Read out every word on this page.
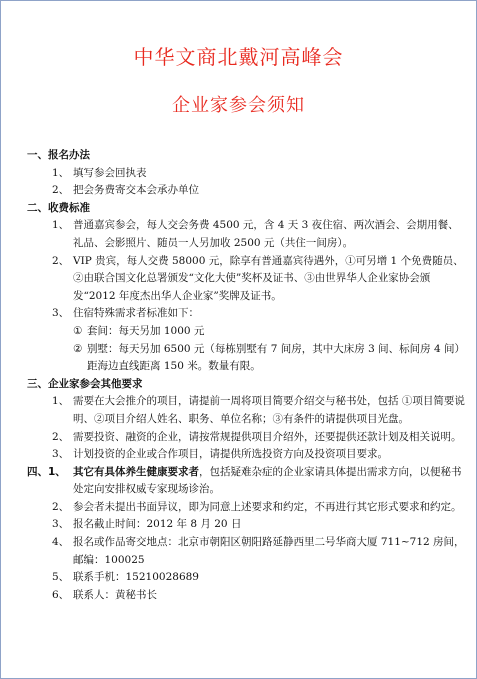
中华文商北戴河高峰会
企业家参会须知
一、报名办法
1、 填写参会回执表
2、 把会务费寄交本会承办单位
二、收费标准
1、 普通嘉宾参会，每人交会务费 4500 元，含 4 天 3 夜住宿、两次酒会、会期用餐、礼品、会影照片、随员一人另加收 2500 元（共住一间房）。
2、 VIP 贵宾，每人交费 58000 元，除享有普通嘉宾待遇外，①可另增 1 个免费随员、②由联合国文化总署颁发“文化大使”奖杯及证书、③由世界华人企业家协会颁发“2012 年度杰出华人企业家”奖牌及证书。
3、 住宿特殊需求者标准如下：
① 套间：每天另加 1000 元
② 别墅：每天另加 6500 元（每栋别墅有 7 间房，其中大床房 3 间、标间房 4 间）距海边直线距离 150 米。数量有限。
三、企业家参会其他要求
1、 需要在大会推介的项目，请提前一周将项目简要介绍交与秘书处，包括 ①项目简要说明、②项目介绍人姓名、职务、单位名称；③有条件的请提供项目光盘。
2、 需要投资、融资的企业，请按常规提供项目介绍外，还要提供还款计划及相关说明。
3、 计划投资的企业或合作项目，请提供所选投资方向及投资项目要求。
四、1、 其它有具体养生健康要求者，包括疑难杂症的企业家请具体提出需求方向，以便秘书处定向安排权威专家现场诊治。
2、 参会者未提出书面异议，即为同意上述要求和约定，不再进行其它形式要求和约定。
3、 报名截止时间：2012 年 8 月 20 日
4、 报名或作品寄交地点：北京市朝阳区朝阳路延静西里二号华商大厦 711~712 房间，邮编：100025
5、 联系手机：15210028689
6、 联系人：黄秘书长
